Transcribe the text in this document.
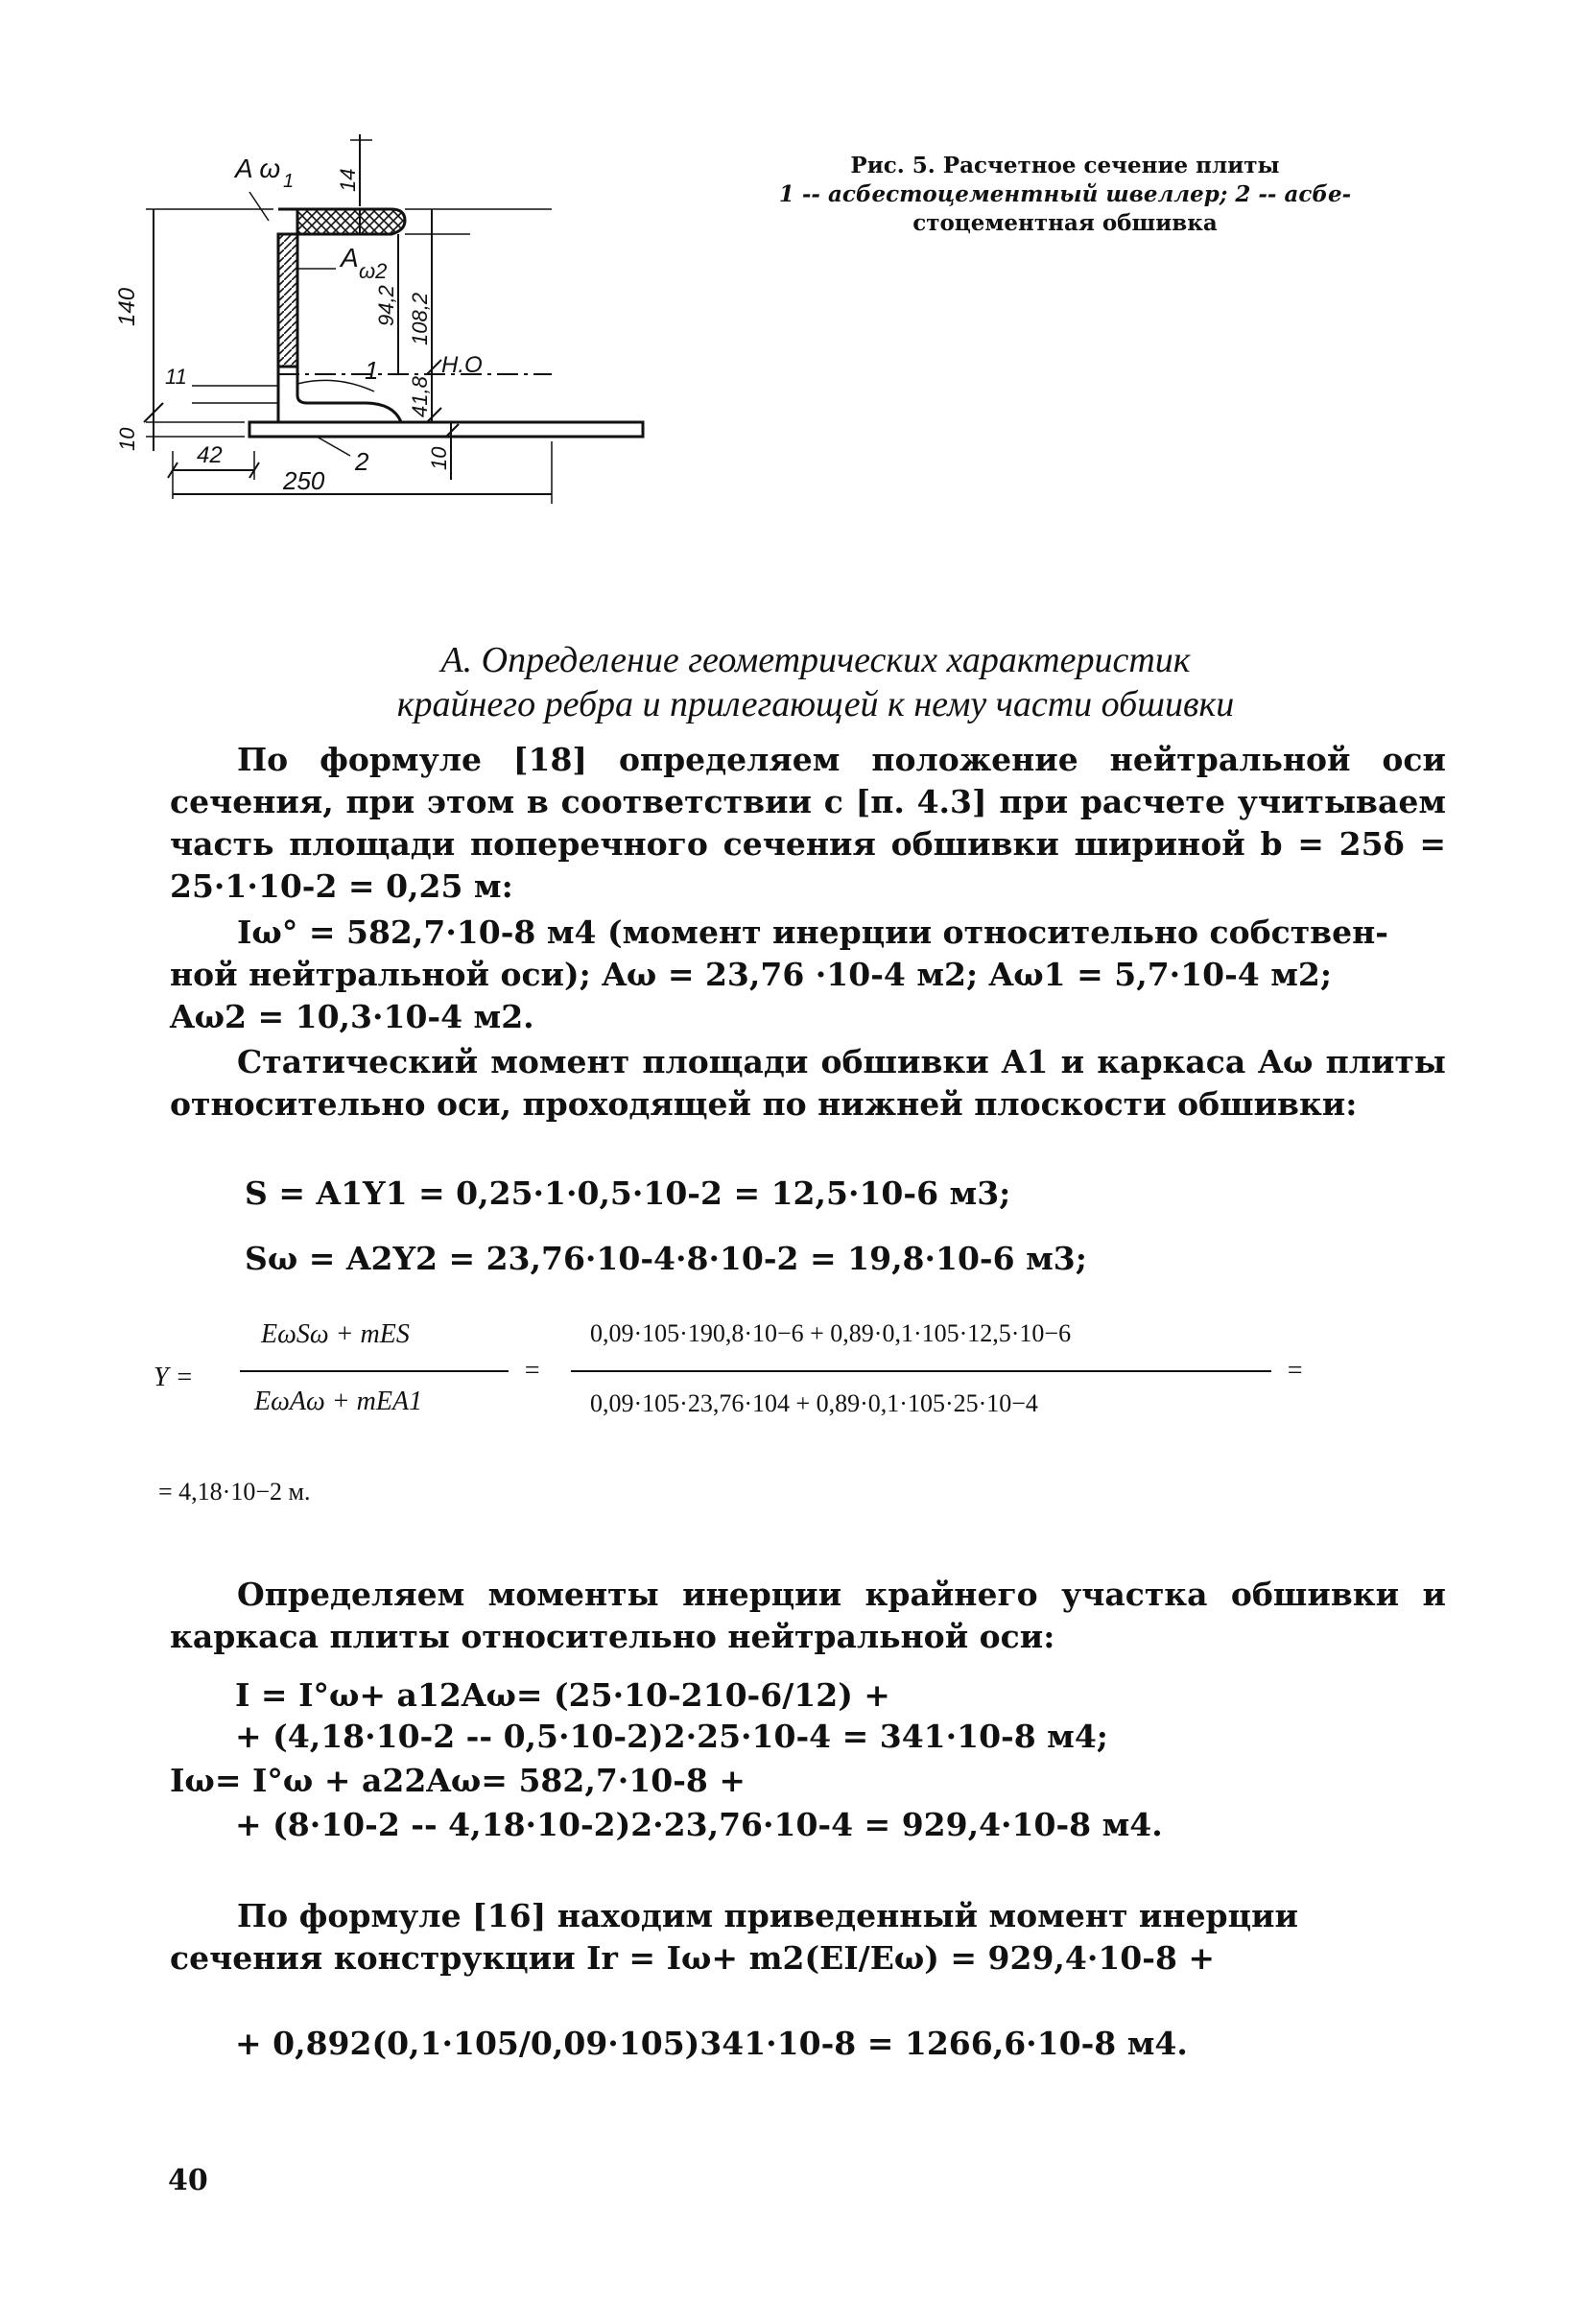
A ω 1
A ω2
1
2
140
10
11
14
94,2 108,2
41,8
10
42
250
Н.О
Рис. 5. Расчетное сечение плиты
1 -- асбестоцементный швеллер; 2 -- асбе-
стоцементная обшивка
А. Определение геометрических характеристик
крайнего ребра и прилегающей к нему части обшивки
По формуле [18] определяем положение нейтральной оси сечения, при этом в соответствии с [п. 4.3] при расчете учитываем часть площади поперечного сечения обшивки шириной b = 25δ = 25·1·10-2 = 0,25 м:
Iω° = 582,7·10-8 м4 (момент инерции относительно собствен-
ной нейтральной оси); Aω = 23,76 ·10-4 м2; Aω1 = 5,7·10-4 м2;
Aω2 = 10,3·10-4 м2.
Статический момент площади обшивки A1 и каркаса Aω плиты относительно оси, проходящей по нижней плоскости обшивки:
S = A1Y1 = 0,25·1·0,5·10-2 = 12,5·10-6 м3;
Sω = A2Y2 = 23,76·10-4·8·10-2 = 19,8·10-6 м3;
Y =
EωSω + mES
EωAω + mEA1
=
0,09·105·190,8·10−6 + 0,89·0,1·105·12,5·10−6
0,09·105·23,76·104 + 0,89·0,1·105·25·10−4
=
= 4,18·10−2 м.
Определяем моменты инерции крайнего участка обшивки и каркаса плиты относительно нейтральной оси:
I = I°ω+ a12Aω= (25·10-210-6/12) +
+ (4,18·10-2 -- 0,5·10-2)2·25·10-4 = 341·10-8 м4;
Iω= I°ω + a22Aω= 582,7·10-8 +
+ (8·10-2 -- 4,18·10-2)2·23,76·10-4 = 929,4·10-8 м4.
По формуле [16] находим приведенный момент инерции
сечения конструкции Ir = Iω+ m2(EI/Eω) = 929,4·10-8 +
+ 0,892(0,1·105/0,09·105)341·10-8 = 1266,6·10-8 м4.
40
